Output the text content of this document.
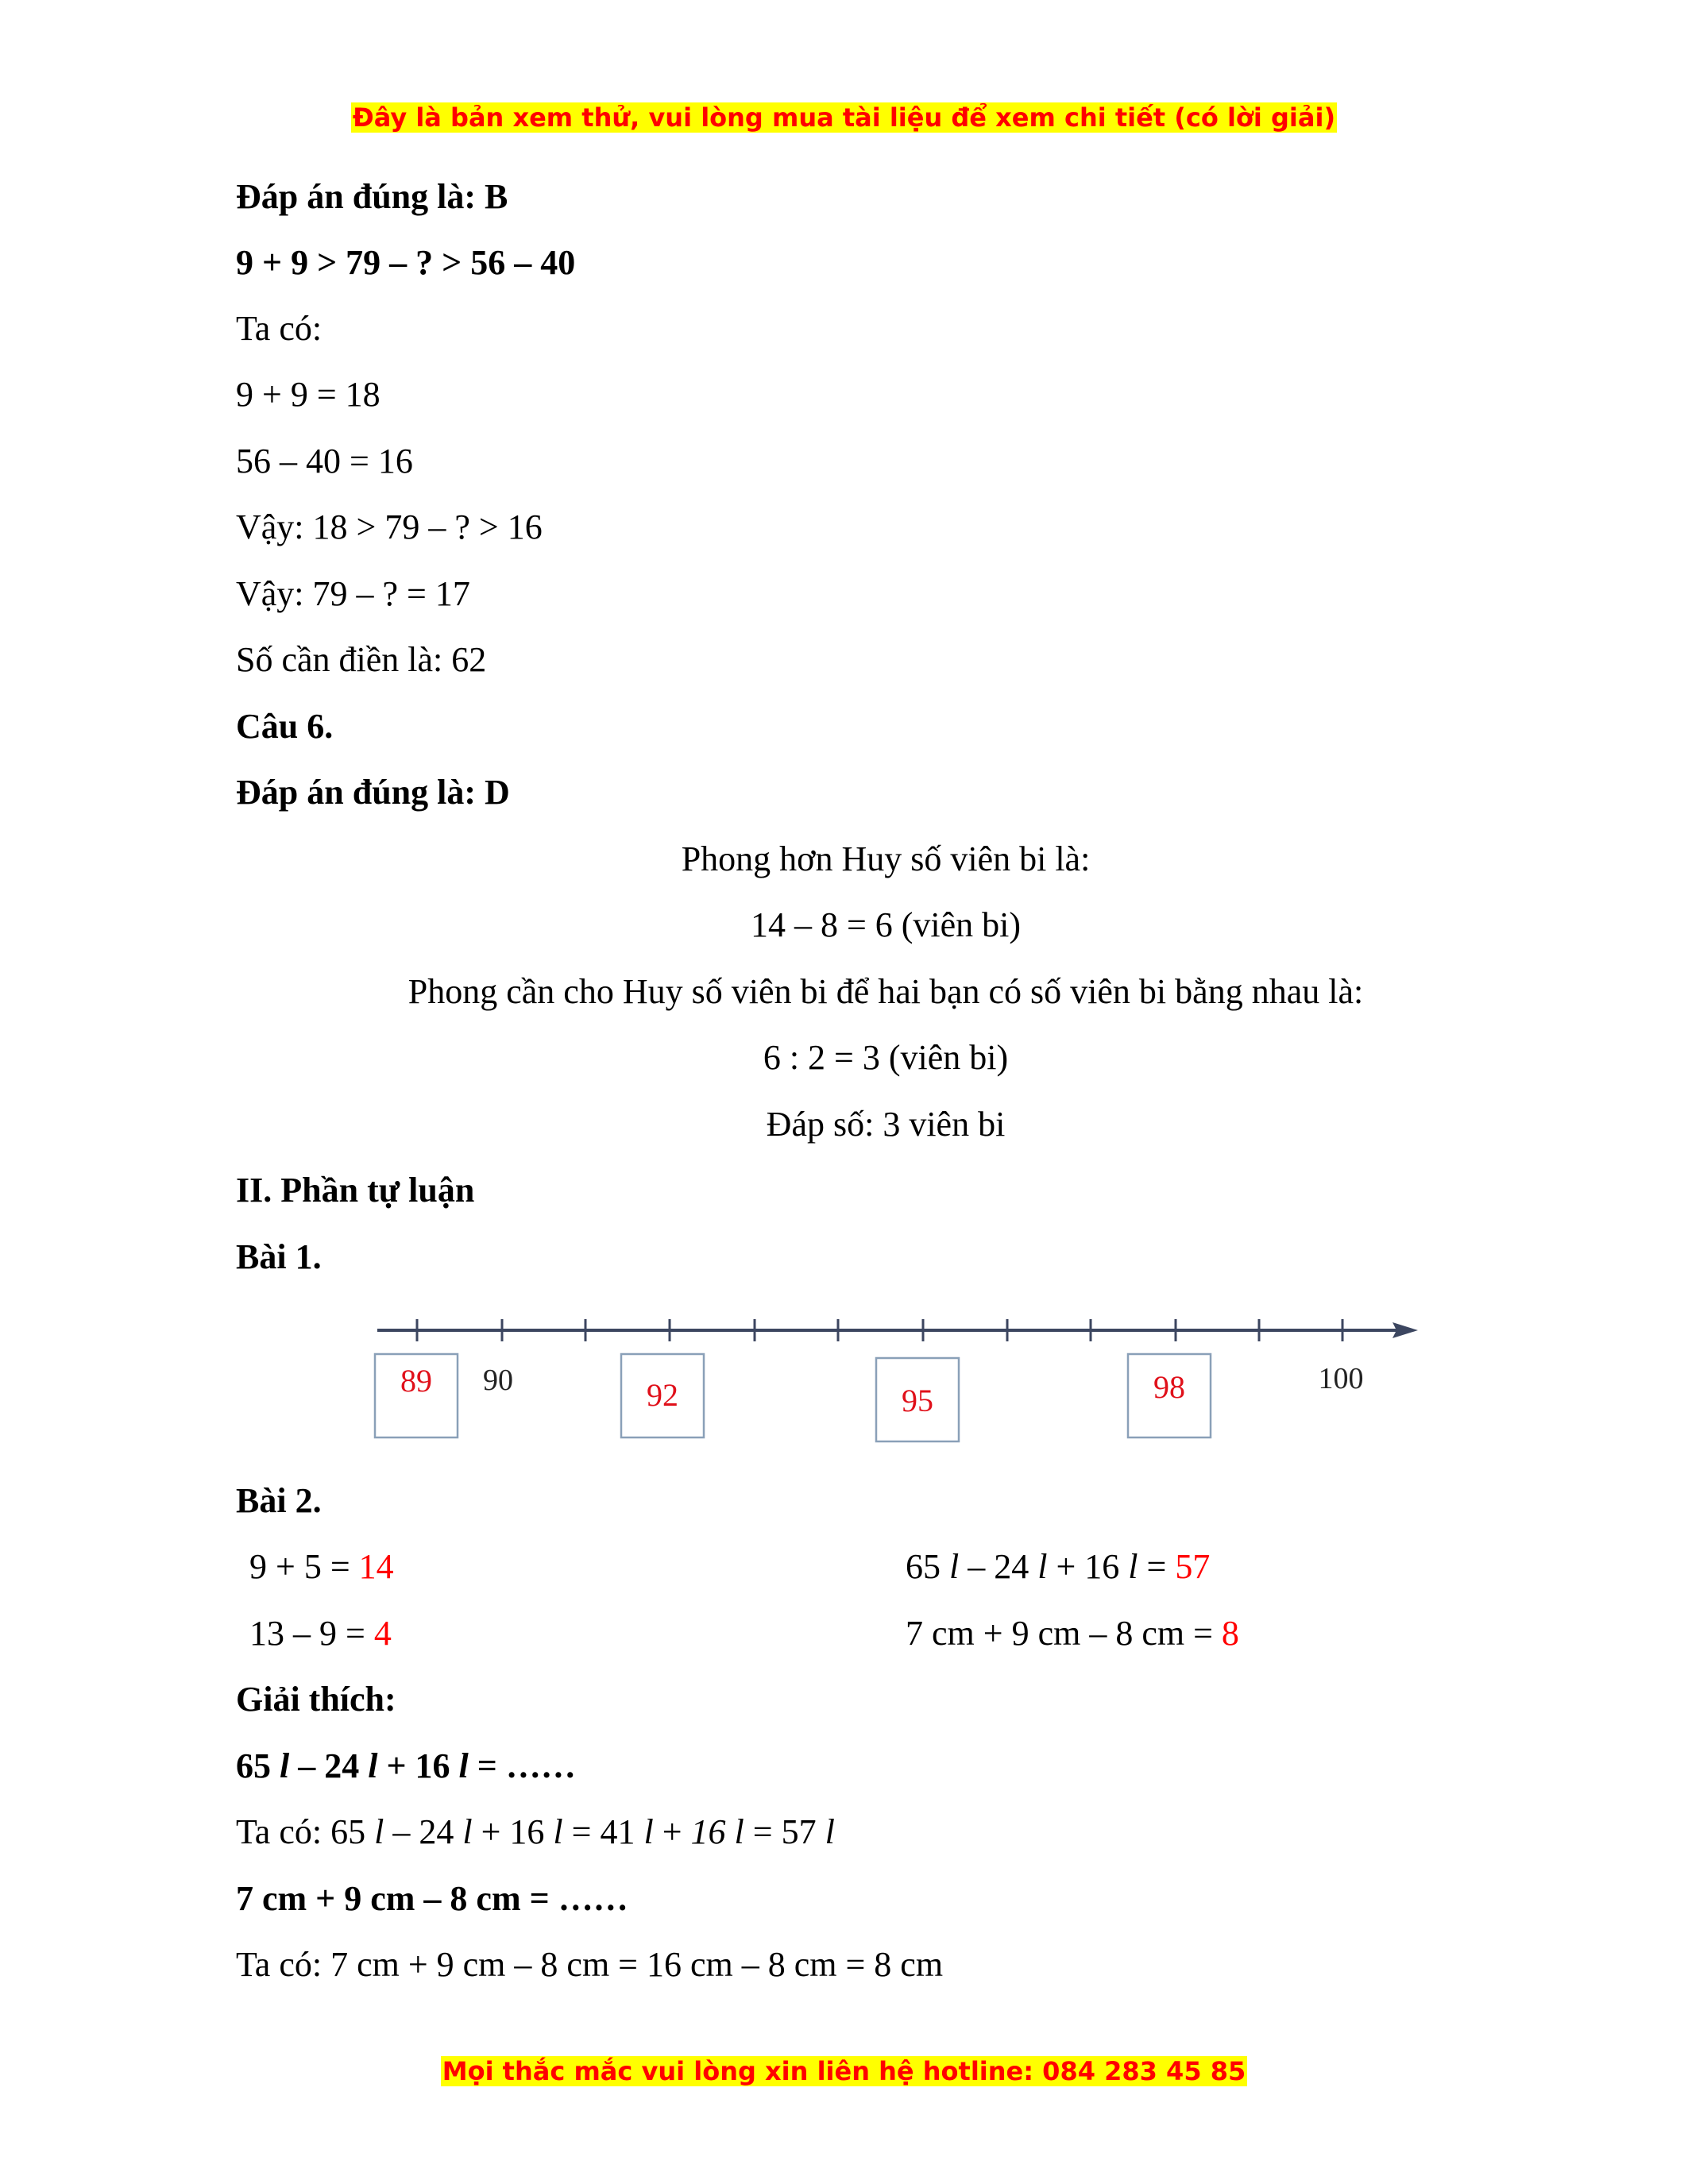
Đây là bản xem thử, vui lòng mua tài liệu để xem chi tiết (có lời giải)
Đáp án đúng là: B
9 + 9 > 79 – ? > 56 – 40
Ta có:
9 + 9 = 18
56 – 40 = 16
Vậy: 18 > 79 – ? > 16
Vậy: 79 – ? = 17
Số cần điền là: 62
Câu 6.
Đáp án đúng là: D
Phong hơn Huy số viên bi là:
14 – 8 = 6 (viên bi)
Phong cần cho Huy số viên bi để hai bạn có số viên bi bằng nhau là:
6 : 2 = 3 (viên bi)
Đáp số: 3 viên bi
II. Phần tự luận
Bài 1.
89	92	95	98
90	100
Bài 2.
9 + 5 = 14
13 – 9 = 4
65 l – 24 l + 16 l = 57
7 cm + 9 cm – 8 cm = 8
Giải thích:
65 l – 24 l + 16 l = ……
Ta có: 65 l – 24 l + 16 l = 41 l + 16 l = 57 l
7 cm + 9 cm – 8 cm = ……
Ta có: 7 cm + 9 cm – 8 cm = 16 cm – 8 cm = 8 cm
Mọi thắc mắc vui lòng xin liên hệ hotline: 084 283 45 85
